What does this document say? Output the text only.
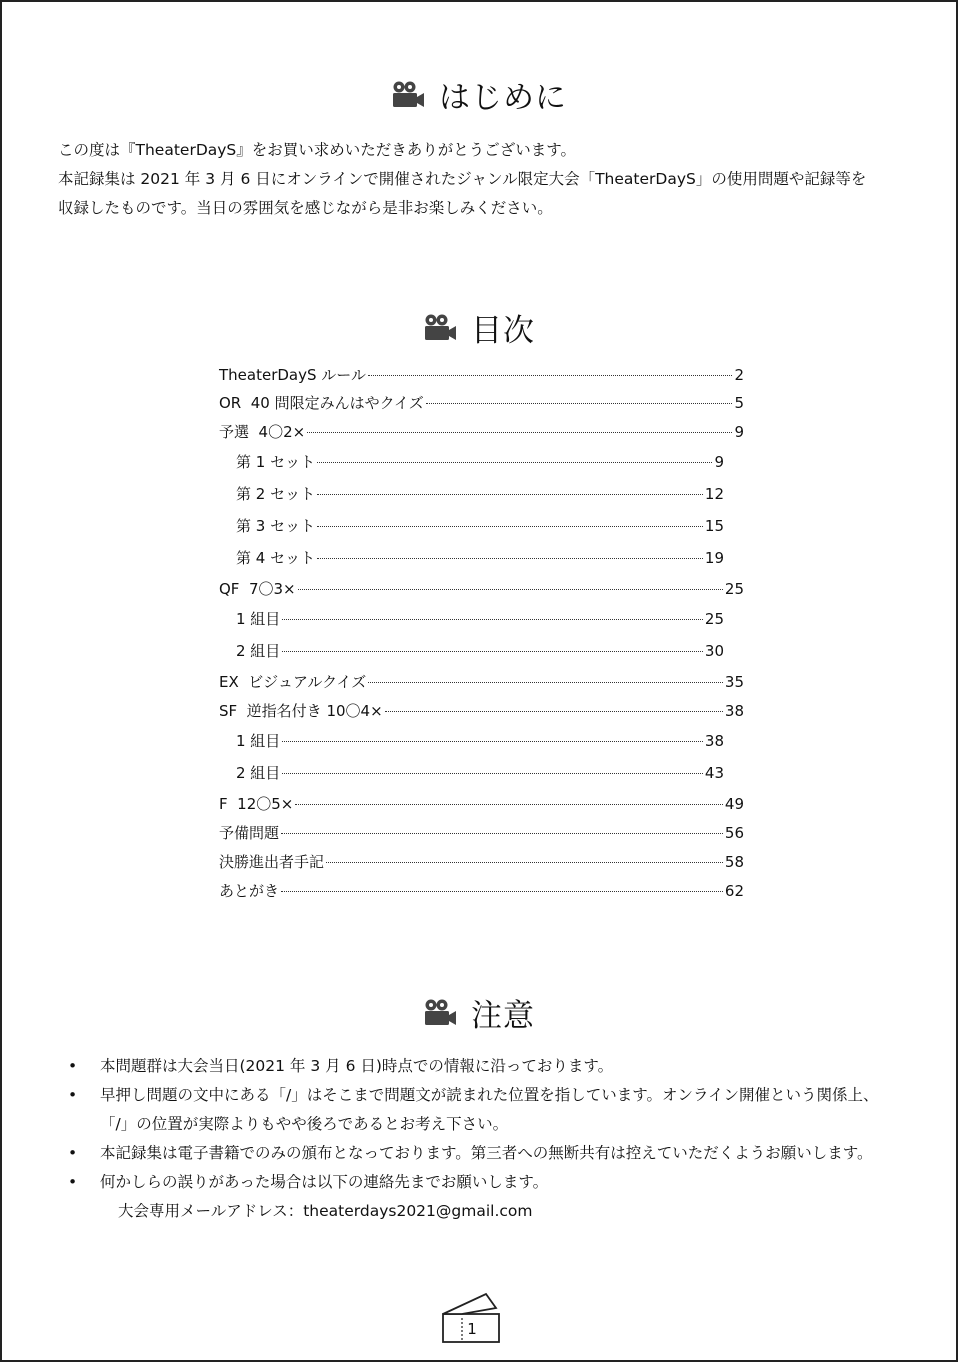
はじめに
この度は『TheaterDayS』をお買い求めいただきありがとうございます。
本記録集は 2021 年 3 月 6 日にオンラインで開催されたジャンル限定大会「TheaterDayS」の使用問題や記録等を
収録したものです。当日の雰囲気を感じながら是非お楽しみください。
目次
TheaterDayS ルール	2
OR  40 問限定みんはやクイズ	5
予選  4〇2×	9
第 1 セット	9
第 2 セット	12
第 3 セット	15
第 4 セット	19
QF  7〇3×	25
1 組目	25
2 組目	30
EX  ビジュアルクイズ	35
SF  逆指名付き 10〇4×	38
1 組目	38
2 組目	43
F  12〇5×	49
予備問題	56
決勝進出者手記	58
あとがき	62
注意
• 本問題群は大会当日(2021 年 3 月 6 日)時点での情報に沿っております。
• 早押し問題の文中にある「/」はそこまで問題文が読まれた位置を指しています。オンライン開催という関係上、
「/」の位置が実際よりもやや後ろであるとお考え下さい。
• 本記録集は電子書籍でのみの頒布となっております。第三者への無断共有は控えていただくようお願いします。
• 何かしらの誤りがあった場合は以下の連絡先までお願いします。
大会専用メールアドレス：theaterdays2021@gmail.com
1
